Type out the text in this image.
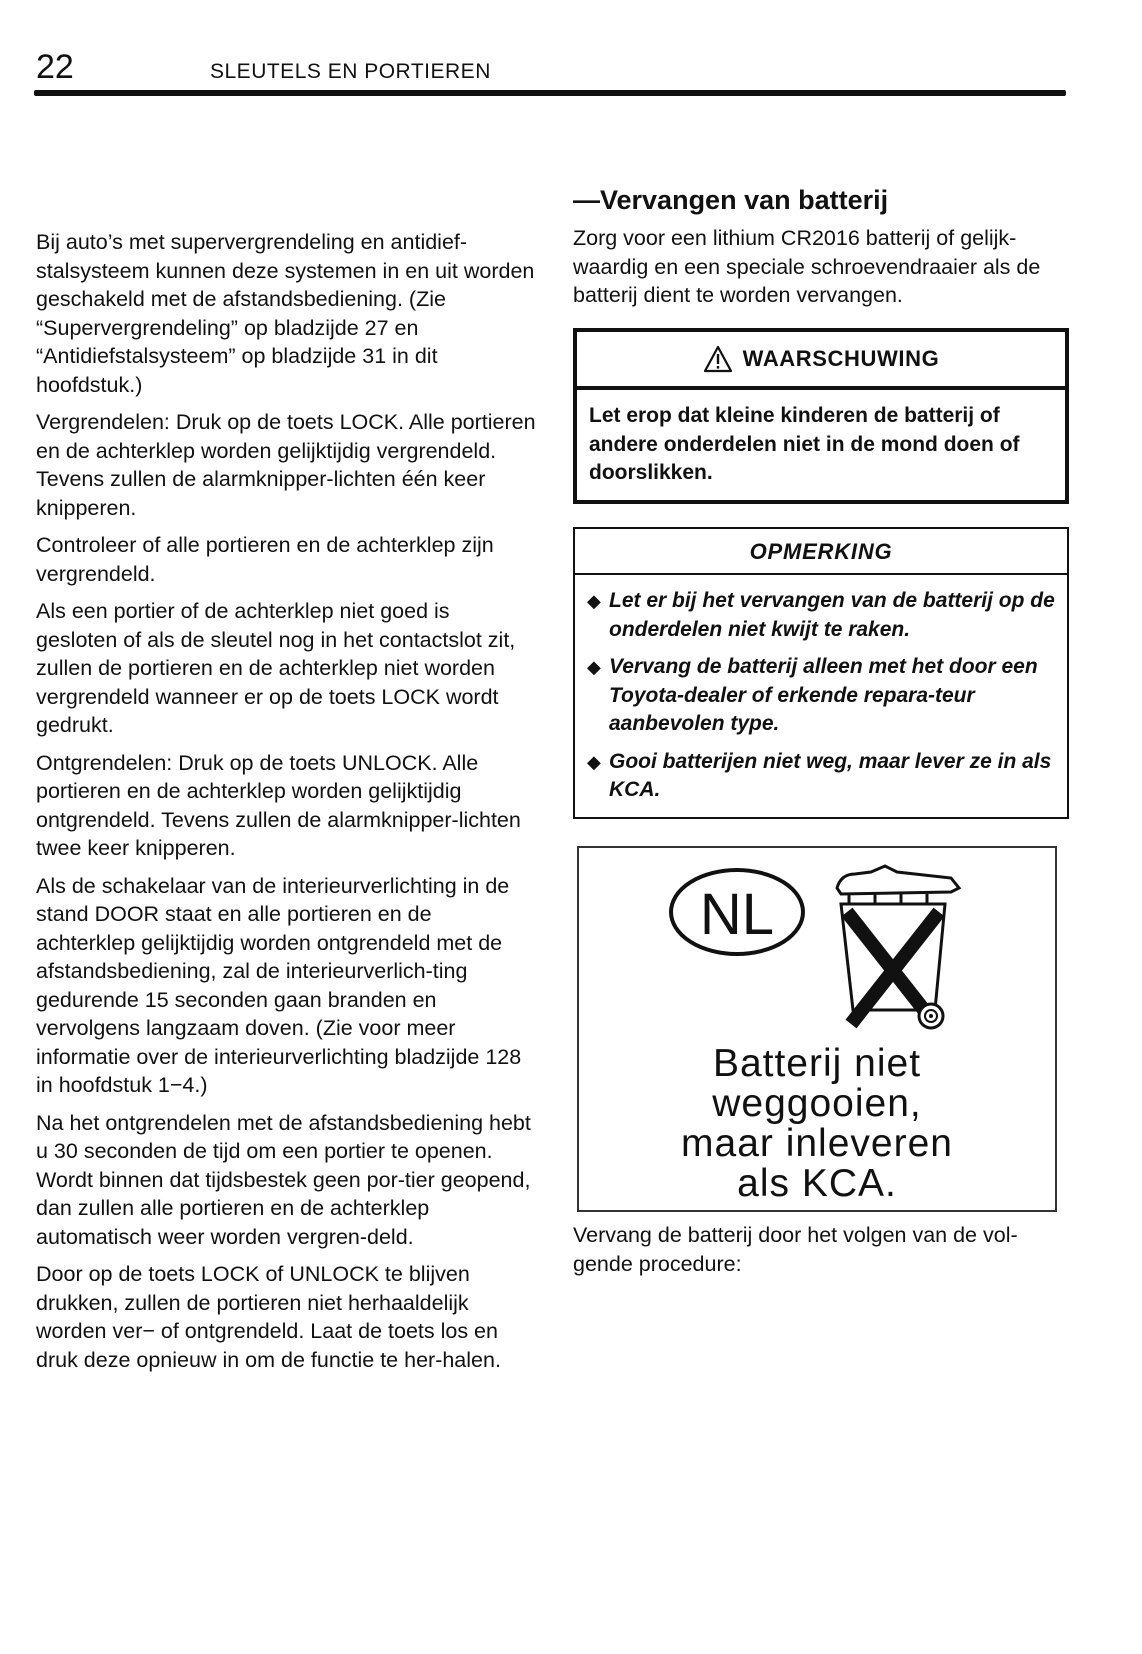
22	SLEUTELS EN PORTIEREN

Bij auto’s met supervergrendeling en antidief-stalsysteem kunnen deze systemen in en uit worden geschakeld met de afstandsbediening. (Zie “Supervergrendeling” op bladzijde 27 en “Antidiefstalsysteem” op bladzijde 31 in dit hoofdstuk.)

Vergrendelen: Druk op de toets LOCK. Alle portieren en de achterklep worden gelijktijdig vergrendeld. Tevens zullen de alarmknipper-lichten één keer knipperen.

Controleer of alle portieren en de achterklep zijn vergrendeld.

Als een portier of de achterklep niet goed is gesloten of als de sleutel nog in het contactslot zit, zullen de portieren en de achterklep niet worden vergrendeld wanneer er op de toets LOCK wordt gedrukt.

Ontgrendelen: Druk op de toets UNLOCK. Alle portieren en de achterklep worden gelijktijdig ontgrendeld. Tevens zullen de alarmknipper-lichten twee keer knipperen.

Als de schakelaar van de interieurverlichting in de stand DOOR staat en alle portieren en de achterklep gelijktijdig worden ontgrendeld met de afstandsbediening, zal de interieurverlich-ting gedurende 15 seconden gaan branden en vervolgens langzaam doven. (Zie voor meer informatie over de interieurverlichting bladzijde 128 in hoofdstuk 1−4.)

Na het ontgrendelen met de afstandsbediening hebt u 30 seconden de tijd om een portier te openen. Wordt binnen dat tijdsbestek geen por-tier geopend, dan zullen alle portieren en de achterklep automatisch weer worden vergren-deld.

Door op de toets LOCK of UNLOCK te blijven drukken, zullen de portieren niet herhaaldelijk worden ver− of ontgrendeld. Laat de toets los en druk deze opnieuw in om de functie te her-halen.

—Vervangen van batterij

Zorg voor een lithium CR2016 batterij of gelijk-waardig en een speciale schroevendraaier als de batterij dient te worden vervangen.

WAARSCHUWING
Let erop dat kleine kinderen de batterij of andere onderdelen niet in de mond doen of doorslikken.
OPMERKING
◆ Let er bij het vervangen van de batterij op de onderdelen niet kwijt te raken.
◆ Vervang de batterij alleen met het door een Toyota‐dealer of erkende repara-teur aanbevolen type.
◆ Gooi batterijen niet weg, maar lever ze in als KCA.
NL
Batterij niet
weggooien,
maar inleveren
als KCA.

Vervang de batterij door het volgen van de vol-gende procedure:
